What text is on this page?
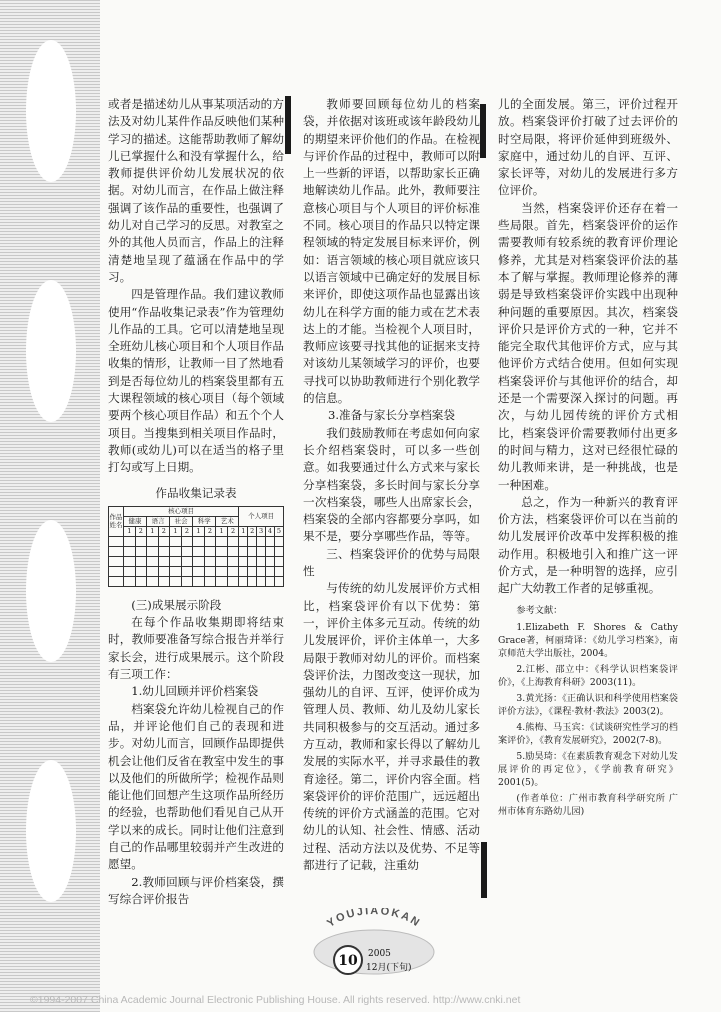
或者是描述幼儿从事某项活动的方法及对幼儿某件作品反映他们某种学习的描述。这能帮助教师了解幼儿已掌握什么和没有掌握什么，给教师提供评价幼儿发展状况的依据。对幼儿而言，在作品上做注释强调了该作品的重要性，也强调了幼儿对自己学习的反思。对教室之外的其他人员而言，作品上的注释清楚地呈现了蕴涵在作品中的学习。

四是管理作品。我们建议教师使用“作品收集记录表”作为管理幼儿作品的工具。它可以清楚地呈现全班幼儿核心项目和个人项目作品收集的情形，让教师一目了然地看到是否每位幼儿的档案袋里都有五大课程领域的核心项目（每个领域要两个核心项目作品）和五个个人项目。当搜集到相关项目作品时，教师(或幼儿)可以在适当的格子里打勾或写上日期。

作品收集记录表
作品
姓名	核心项目										个人项目				
	健康		语言		社会		科学		艺术						
	1	2	1	2	1	2	1	2	1	2	1	2	3	4	5

(三)成果展示阶段

在每个作品收集期即将结束时，教师要准备写综合报告并举行家长会，进行成果展示。这个阶段有三项工作：

1.幼儿回顾并评价档案袋

档案袋允许幼儿检视自己的作品，并评论他们自己的表现和进步。对幼儿而言，回顾作品即提供机会让他们反省在教室中发生的事以及他们的所做所学；检视作品则能让他们回想产生这项作品所经历的经验，也帮助他们看见自己从开学以来的成长。同时让他们注意到自己的作品哪里较弱并产生改进的愿望。

2.教师回顾与评价档案袋，撰写综合评价报告

教师要回顾每位幼儿的档案袋，并依据对该班或该年龄段幼儿的期望来评价他们的作品。在检视与评价作品的过程中，教师可以附上一些新的评语，以帮助家长正确地解读幼儿作品。此外，教师要注意核心项目与个人项目的评价标准不同。核心项目的作品只以特定课程领域的特定发展目标来评价，例如：语言领域的核心项目就应该只以语言领域中已确定好的发展目标来评价，即使这项作品也显露出该幼儿在科学方面的能力或在艺术表达上的才能。当检视个人项目时，教师应该要寻找其他的证据来支持对该幼儿某领域学习的评价，也要寻找可以协助教师进行个别化教学的信息。

3.准备与家长分享档案袋

我们鼓励教师在考虑如何向家长介绍档案袋时，可以多一些创意。如我要通过什么方式来与家长分享档案袋，多长时间与家长分享一次档案袋，哪些人出席家长会，档案袋的全部内容都要分享吗，如果不是，要分享哪些作品，等等。

三、档案袋评价的优势与局限性

与传统的幼儿发展评价方式相比，档案袋评价有以下优势：第一，评价主体多元互动。传统的幼儿发展评价，评价主体单一，大多局限于教师对幼儿的评价。而档案袋评价法，力图改变这一现状，加强幼儿的自评、互评，使评价成为管理人员、教师、幼儿及幼儿家长共同积极参与的交互活动。通过多方互动，教师和家长得以了解幼儿发展的实际水平，并寻求最佳的教育途径。第二，评价内容全面。档案袋评价的评价范围广，远远超出传统的评价方式涵盖的范围。它对幼儿的认知、社会性、情感、活动过程、活动方法以及优势、不足等都进行了记载，注重幼

儿的全面发展。第三，评价过程开放。档案袋评价打破了过去评价的时空局限，将评价延伸到班级外、家庭中，通过幼儿的自评、互评、家长评等，对幼儿的发展进行多方位评价。

当然，档案袋评价还存在着一些局限。首先，档案袋评价的运作需要教师有较系统的教育评价理论修养，尤其是对档案袋评价法的基本了解与掌握。教师理论修养的薄弱是导致档案袋评价实践中出现种种问题的重要原因。其次，档案袋评价只是评价方式的一种，它并不能完全取代其他评价方式，应与其他评价方式结合使用。但如何实现档案袋评价与其他评价的结合，却还是一个需要深入探讨的问题。再次，与幼儿园传统的评价方式相比，档案袋评价需要教师付出更多的时间与精力，这对已经很忙碌的幼儿教师来讲，是一种挑战，也是一种困难。

总之，作为一种新兴的教育评价方法，档案袋评价可以在当前的幼儿发展评价改革中发挥积极的推动作用。积极地引入和推广这一评价方式，是一种明智的选择，应引起广大幼教工作者的足够重视。

参考文献：

1.Elizabeth F. Shores & Cathy Grace著，柯丽琦译：《幼儿学习档案》，南京师范大学出版社，2004。

2.江彬、邵立中：《科学认识档案袋评价》，《上海教育科研》2003(11)。

3.黄光扬：《正确认识和科学使用档案袋评价方法》，《课程·教材·教法》2003(2)。

4.熊梅、马玉宾：《试谈研究性学习的档案评价》，《教育发展研究》，2002(7-8)。

5.励昊琦：《在素质教育观念下对幼儿发展评价的再定位》，《学前教育研究》2001(5)。

(作者单位：广州市教育科学研究所 广州市体育东路幼儿园)

YOUJIAOKAN
10 2005
12月(下旬)
©1994-2007 China Academic Journal Electronic Publishing House. All rights reserved. http://www.cnki.net
